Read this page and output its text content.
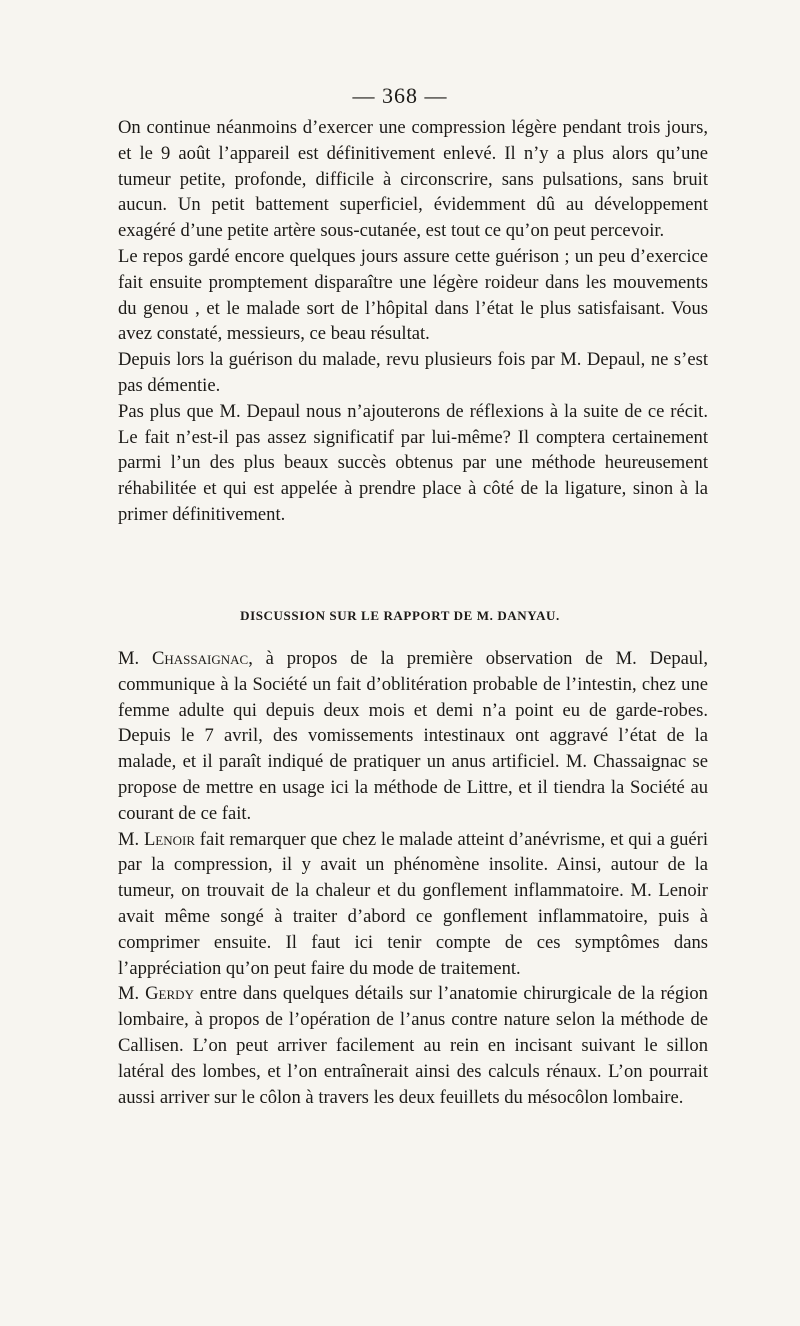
— 368 —

On continue néanmoins d’exercer une compression légère pendant trois jours, et le 9 août l’appareil est définitivement enlevé. Il n’y a plus alors qu’une tumeur petite, profonde, difficile à circonscrire, sans pulsations, sans bruit aucun. Un petit battement superficiel, évidemment dû au développement exagéré d’une petite artère sous-cutanée, est tout ce qu’on peut percevoir.

Le repos gardé encore quelques jours assure cette guérison ; un peu d’exercice fait ensuite promptement disparaître une légère roideur dans les mouvements du genou , et le malade sort de l’hôpital dans l’état le plus satisfaisant. Vous avez constaté, messieurs, ce beau résultat.

Depuis lors la guérison du malade, revu plusieurs fois par M. Depaul, ne s’est pas démentie.

Pas plus que M. Depaul nous n’ajouterons de réflexions à la suite de ce récit. Le fait n’est-il pas assez significatif par lui-même? Il comptera certainement parmi l’un des plus beaux succès obtenus par une méthode heureusement réhabilitée et qui est appelée à prendre place à côté de la ligature, sinon à la primer définitivement.

DISCUSSION SUR LE RAPPORT DE M. DANYAU.

M. Chassaignac, à propos de la première observation de M. Depaul, communique à la Société un fait d’oblitération probable de l’intestin, chez une femme adulte qui depuis deux mois et demi n’a point eu de garde-robes. Depuis le 7 avril, des vomissements intestinaux ont aggravé l’état de la malade, et il paraît indiqué de pratiquer un anus artificiel. M. Chassaignac se propose de mettre en usage ici la méthode de Littre, et il tiendra la Société au courant de ce fait.

M. Lenoir fait remarquer que chez le malade atteint d’anévrisme, et qui a guéri par la compression, il y avait un phénomène insolite. Ainsi, autour de la tumeur, on trouvait de la chaleur et du gonflement inflammatoire. M. Lenoir avait même songé à traiter d’abord ce gonflement inflammatoire, puis à comprimer ensuite. Il faut ici tenir compte de ces symptômes dans l’appréciation qu’on peut faire du mode de traitement.

M. Gerdy entre dans quelques détails sur l’anatomie chirurgicale de la région lombaire, à propos de l’opération de l’anus contre nature selon la méthode de Callisen. L’on peut arriver facilement au rein en incisant suivant le sillon latéral des lombes, et l’on entraînerait ainsi des calculs rénaux. L’on pourrait aussi arriver sur le côlon à travers les deux feuillets du mésocôlon lombaire.
